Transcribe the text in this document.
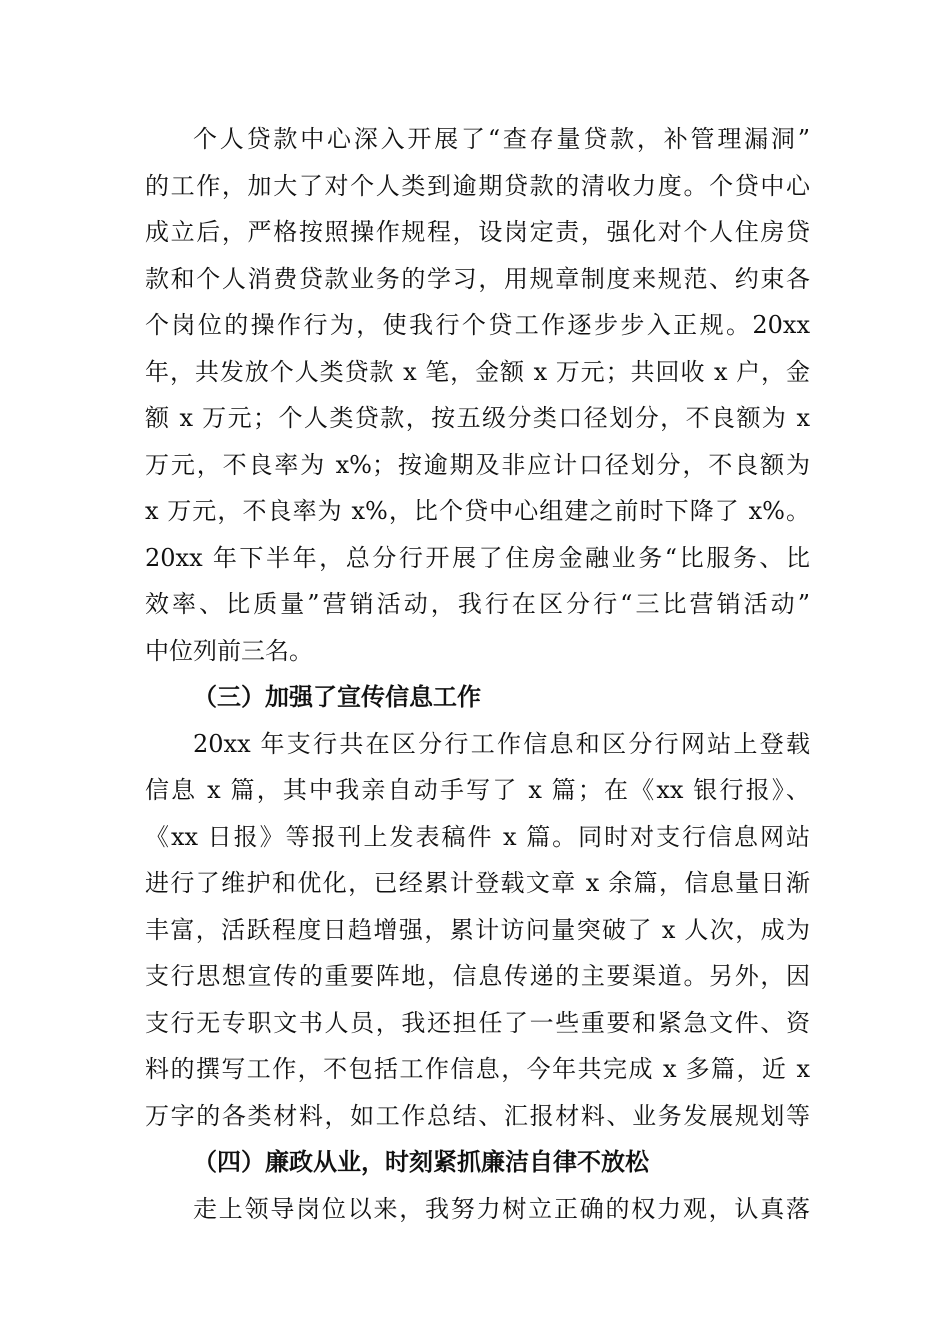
个人贷款中心深入开展了“查存量贷款，补管理漏洞”
的工作，加大了对个人类到逾期贷款的清收力度。个贷中心
成立后，严格按照操作规程，设岗定责，强化对个人住房贷
款和个人消费贷款业务的学习，用规章制度来规范、约束各
个岗位的操作行为，使我行个贷工作逐步步入正规。20xx
年，共发放个人类贷款 x 笔，金额 x 万元；共回收 x 户，金
额 x 万元；个人类贷款，按五级分类口径划分，不良额为 x
万元，不良率为 x%；按逾期及非应计口径划分，不良额为
x 万元，不良率为 x%，比个贷中心组建之前时下降了 x%。
20xx 年下半年，总分行开展了住房金融业务“比服务、比
效率、比质量”营销活动，我行在区分行“三比营销活动”
中位列前三名。
（三）加强了宣传信息工作
20xx 年支行共在区分行工作信息和区分行网站上登载
信息 x 篇，其中我亲自动手写了 x 篇；在《xx 银行报》、
《xx 日报》等报刊上发表稿件 x 篇。同时对支行信息网站
进行了维护和优化，已经累计登载文章 x 余篇，信息量日渐
丰富，活跃程度日趋增强，累计访问量突破了 x 人次，成为
支行思想宣传的重要阵地，信息传递的主要渠道。另外，因
支行无专职文书人员，我还担任了一些重要和紧急文件、资
料的撰写工作，不包括工作信息，今年共完成 x 多篇，近 x
万字的各类材料，如工作总结、汇报材料、业务发展规划等
（四）廉政从业，时刻紧抓廉洁自律不放松
走上领导岗位以来，我努力树立正确的权力观，认真落
